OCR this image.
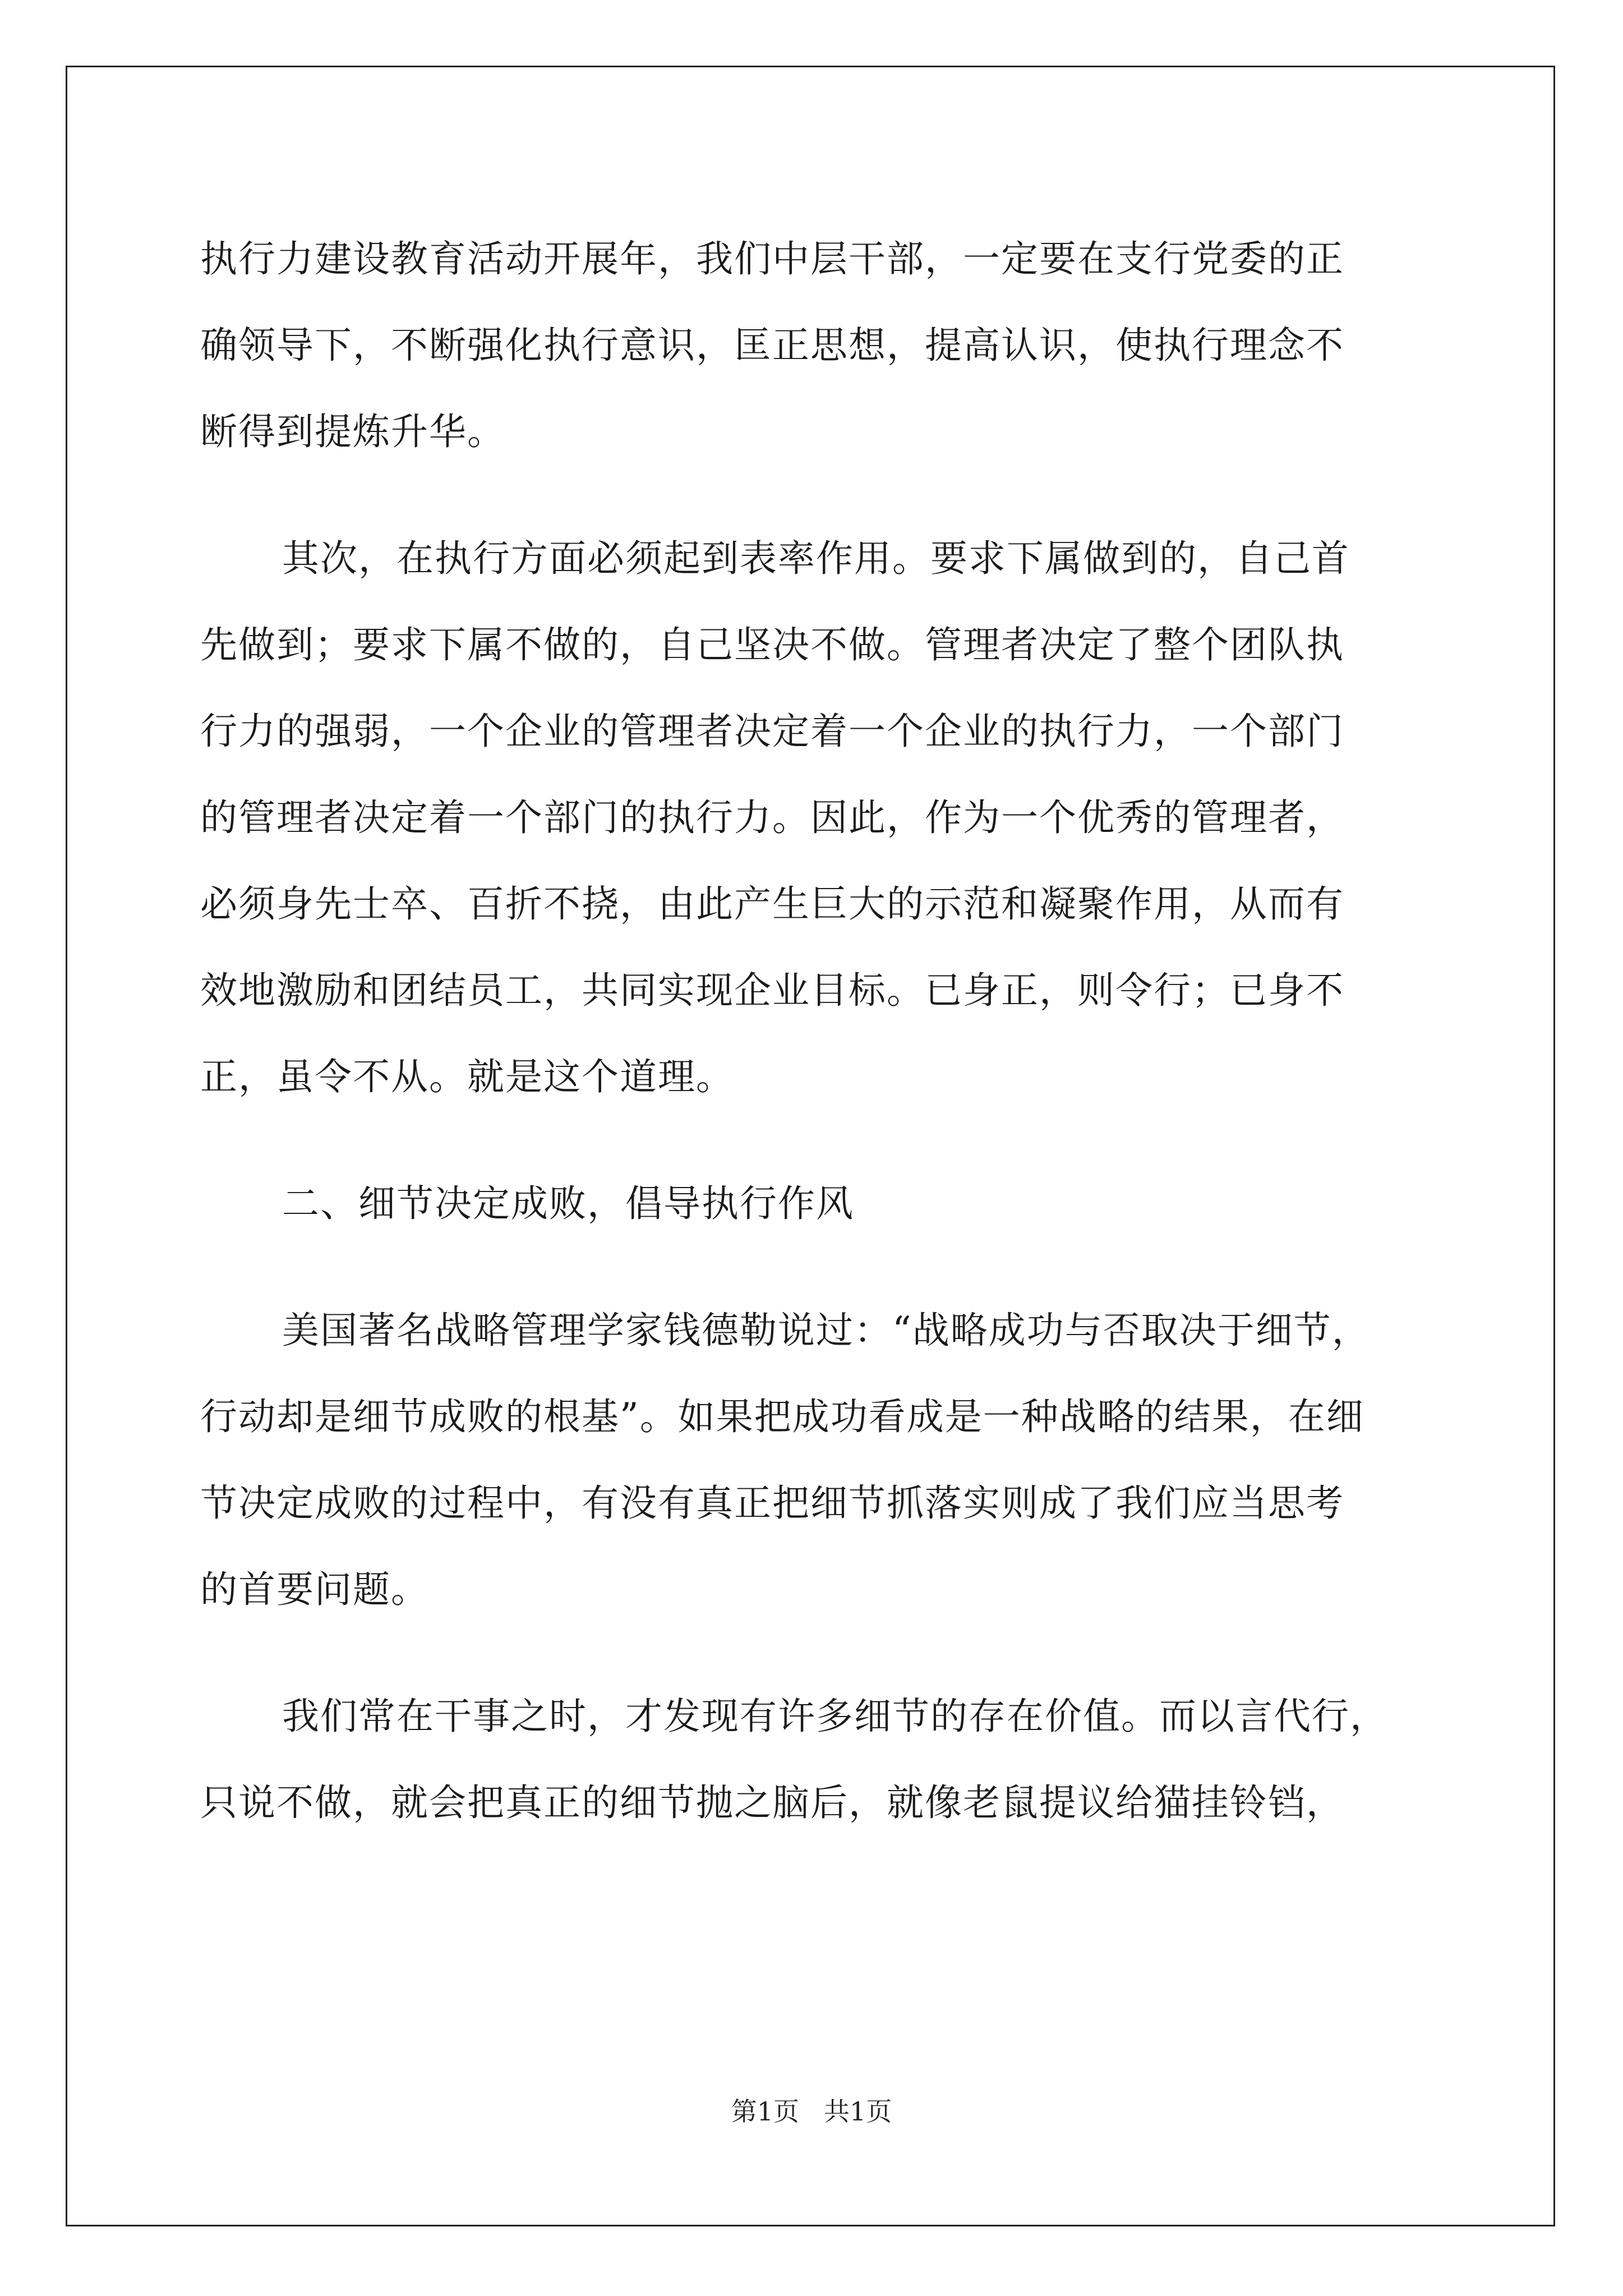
执行力建设教育活动开展年，我们中层干部，一定要在支行党委的正
确领导下，不断强化执行意识，匡正思想，提高认识，使执行理念不
断得到提炼升华。
其次，在执行方面必须起到表率作用。要求下属做到的，自己首
先做到；要求下属不做的，自己坚决不做。管理者决定了整个团队执
行力的强弱，一个企业的管理者决定着一个企业的执行力，一个部门
的管理者决定着一个部门的执行力。因此，作为一个优秀的管理者，
必须身先士卒、百折不挠，由此产生巨大的示范和凝聚作用，从而有
效地激励和团结员工，共同实现企业目标。已身正，则令行；已身不
正，虽令不从。就是这个道理。
二、细节决定成败，倡导执行作风
美国著名战略管理学家钱德勒说过：“战略成功与否取决于细节，
行动却是细节成败的根基”。如果把成功看成是一种战略的结果，在细
节决定成败的过程中，有没有真正把细节抓落实则成了我们应当思考
的首要问题。
我们常在干事之时，才发现有许多细节的存在价值。而以言代行，
只说不做，就会把真正的细节抛之脑后，就像老鼠提议给猫挂铃铛，
第1页 共1页
